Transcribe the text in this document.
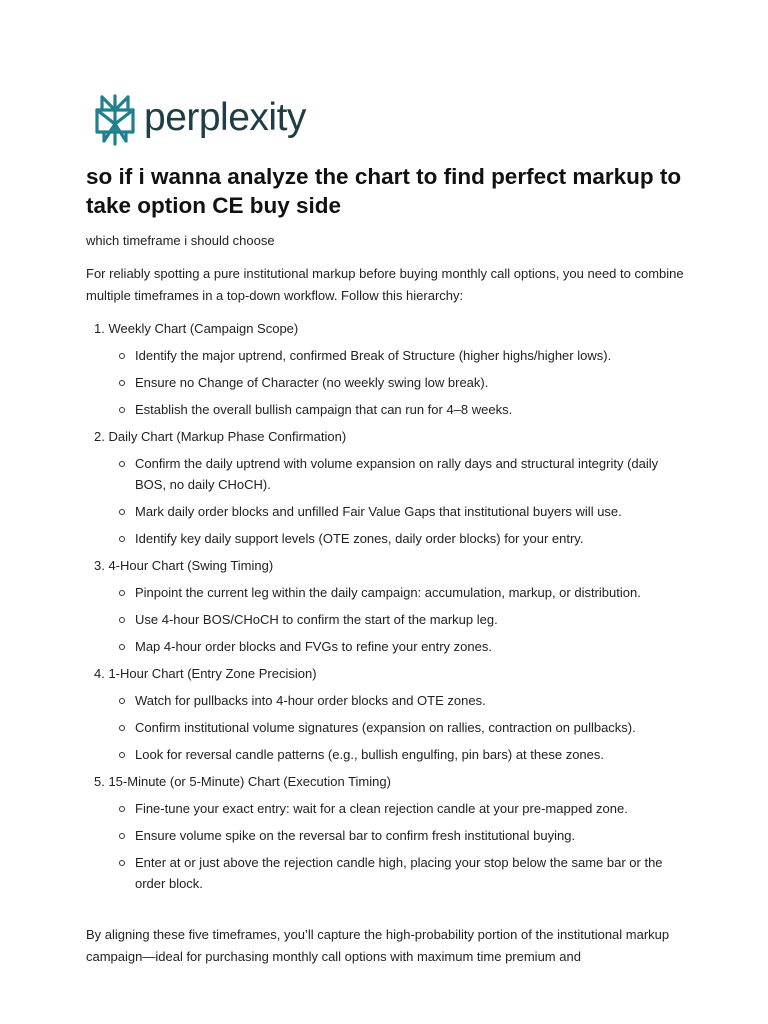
perplexity
so if i wanna analyze the chart to find perfect markup to take option CE buy side
which timeframe i should choose

For reliably spotting a pure institutional markup before buying monthly call options, you need to combine multiple timeframes in a top-down workflow. Follow this hierarchy:

1. Weekly Chart (Campaign Scope)
Identify the major uptrend, confirmed Break of Structure (higher highs/higher lows).
Ensure no Change of Character (no weekly swing low break).
Establish the overall bullish campaign that can run for 4–8 weeks.
2. Daily Chart (Markup Phase Confirmation)
Confirm the daily uptrend with volume expansion on rally days and structural integrity (daily BOS, no daily CHoCH).
Mark daily order blocks and unfilled Fair Value Gaps that institutional buyers will use.
Identify key daily support levels (OTE zones, daily order blocks) for your entry.
3. 4-Hour Chart (Swing Timing)
Pinpoint the current leg within the daily campaign: accumulation, markup, or distribution.
Use 4-hour BOS/CHoCH to confirm the start of the markup leg.
Map 4-hour order blocks and FVGs to refine your entry zones.
4. 1-Hour Chart (Entry Zone Precision)
Watch for pullbacks into 4-hour order blocks and OTE zones.
Confirm institutional volume signatures (expansion on rallies, contraction on pullbacks).
Look for reversal candle patterns (e.g., bullish engulfing, pin bars) at these zones.
5. 15-Minute (or 5-Minute) Chart (Execution Timing)
Fine-tune your exact entry: wait for a clean rejection candle at your pre-mapped zone.
Ensure volume spike on the reversal bar to confirm fresh institutional buying.
Enter at or just above the rejection candle high, placing your stop below the same bar or the order block.

By aligning these five timeframes, you’ll capture the high-probability portion of the institutional markup campaign—ideal for purchasing monthly call options with maximum time premium and
